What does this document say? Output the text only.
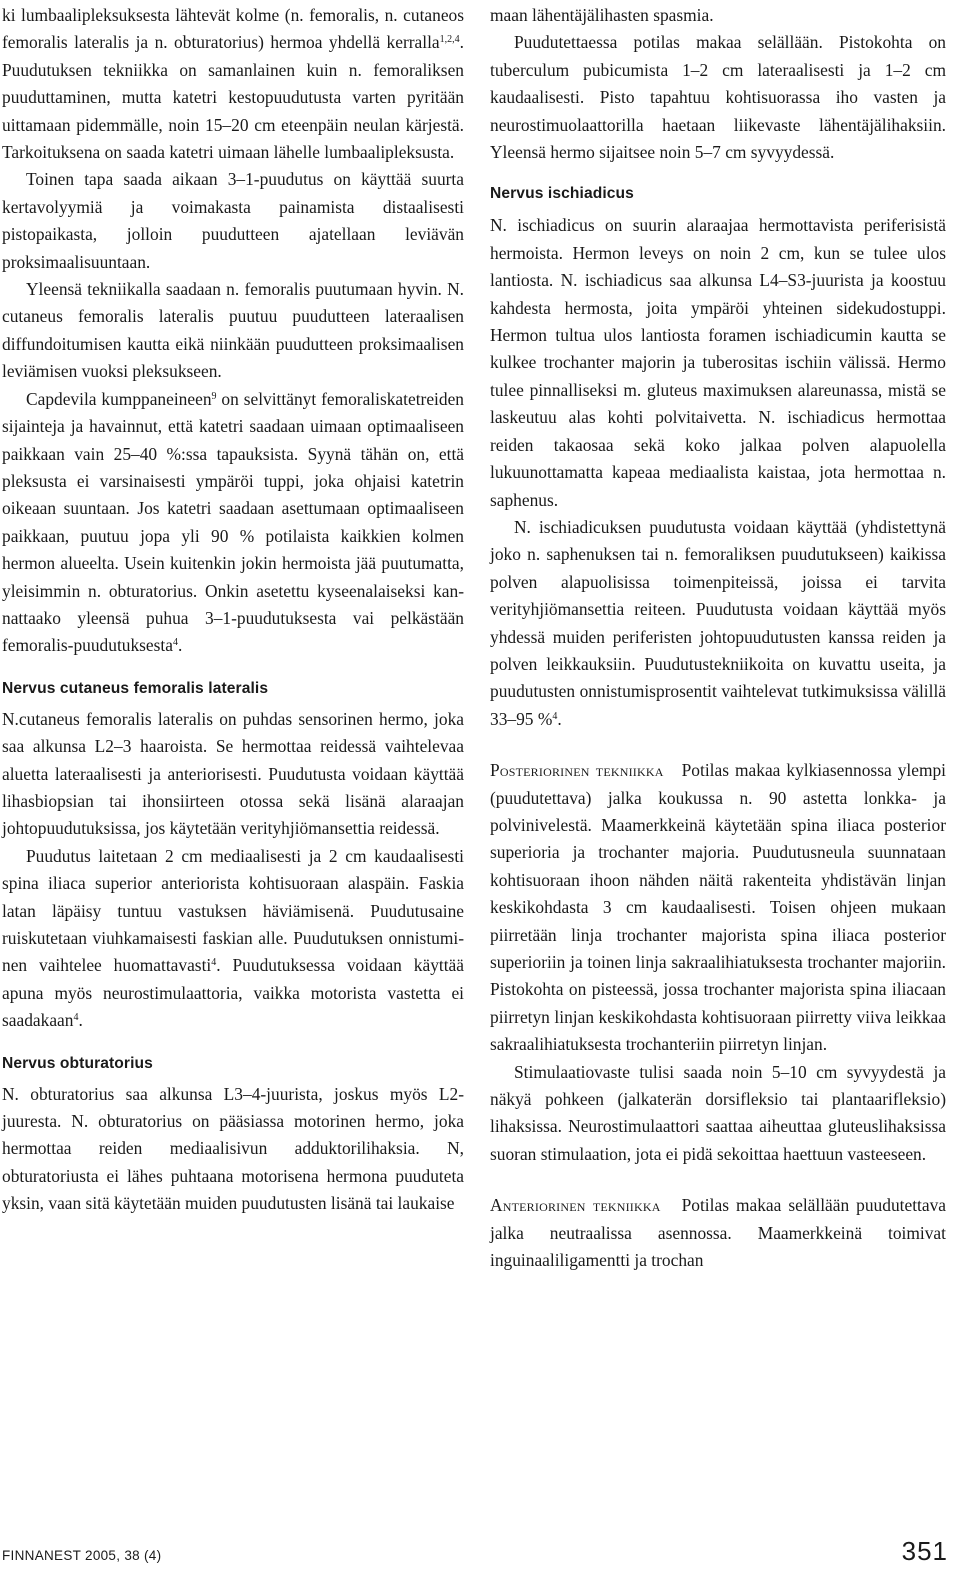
ki lumbaalipleksuksesta lähtevät kolme (n. femoralis, n. cutaneos femoralis lateralis ja n. obturatorius) hermoa yhdellä kerralla$^{1,2,4}$. Puudutuksen tekniikka on samanlainen kuin n. femoraliksen puuduttaminen, mutta katetri kestopuudutusta varten pyritään uittamaan pidemmälle, noin 15–20 cm eteenpäin neulan kärjestä. Tarkoituksena on saada katetri uimaan lähelle lumbaalipleksusta.

Toinen tapa saada aikaan 3–1-puudutus on käyttää suurta kertavolyymiä ja voimakasta painamista distaalisesti pistopaikasta, jolloin puudutteen ajatellaan leviävän proksimaalisuuntaan.

Yleensä tekniikalla saadaan n. femoralis puutumaan hyvin. N. cutaneus femoralis lateralis puutuu puudutteen lateraalisen diffundoitumisen kautta eikä niinkään puudutteen proksimaalisen leviämisen vuoksi pleksukseen.

Capdevila kumppaneineen$^9$ on selvittänyt femoraliskatetreiden sijainteja ja havainnut, että katetri saadaan uimaan optimaaliseen paikkaan vain 25–40 %:ssa tapauksista. Syynä tähän on, että pleksusta ei varsinaisesti ympäröi tuppi, joka ohjaisi katetrin oikeaan suuntaan. Jos katetri saadaan asettumaan optimaaliseen paikkaan, puutuu jopa yli 90 % potilaista kaikkien kolmen hermon alueelta. Usein kuitenkin jokin hermoista jää puutumatta, yleisimmin n. obturatorius. Onkin asetettu kyseenalaiseksi kannattaako yleensä puhua 3–1-puudutuksesta vai pelkästään femoralis-puudutuksesta$^4$.

Nervus cutaneus femoralis lateralis

N.cutaneus femoralis lateralis on puhdas sensorinen hermo, joka saa alkunsa L2–3 haaroista. Se hermottaa reidessä vaihtelevaa aluetta lateraalisesti ja anteriorisesti. Puudutusta voidaan käyttää lihasbiopsian tai ihonsiirteen otossa sekä lisänä alaraajan johtopuudutuksissa, jos käytetään verityhjiömansettia reidessä.

Puudutus laitetaan 2 cm mediaalisesti ja 2 cm kaudaalisesti spina iliaca superior anteriorista kohtisuoraan alaspäin. Faskia latan läpäisy tuntuu vastuksen häviämisenä. Puudutusaine ruiskutetaan viuhkamaisesti faskian alle. Puudutuksen onnistuminen vaihtelee huomattavasti$^4$. Puudutuksessa voidaan käyttää apuna myös neurostimulaattoria, vaikka motorista vastetta ei saadakaan$^4$.

Nervus obturatorius

N. obturatorius saa alkunsa L3–4-juurista, joskus myös L2-juuresta. N. obturatorius on pääsiassa motorinen hermo, joka hermottaa reiden mediaalisivun adduktorilihaksia. N, obturatoriusta ei lähes puhtaana motorisena hermona puuduteta yksin, vaan sitä käytetään muiden puudutusten lisänä tai laukaise

maan lähentäjälihasten spasmia.

Puudutettaessa potilas makaa selällään. Pistokohta on tuberculum pubicumista 1–2 cm lateraalisesti ja 1–2 cm kaudaalisesti. Pisto tapahtuu kohtisuorassa iho vasten ja neurostimuolaattorilla haetaan liikevaste lähentäjälihaksiin. Yleensä hermo sijaitsee noin 5–7 cm syvyydessä.

Nervus ischiadicus

N. ischiadicus on suurin alaraajaa hermottavista periferisistä hermoista. Hermon leveys on noin 2 cm, kun se tulee ulos lantiosta. N. ischiadicus saa alkunsa L4–S3-juurista ja koostuu kahdesta hermosta, joita ympäröi yhteinen sidekudostuppi. Hermon tultua ulos lantiosta foramen ischiadicumin kautta se kulkee trochanter majorin ja tuberositas ischiin välissä. Hermo tulee pinnalliseksi m. gluteus maximuksen alareunassa, mistä se laskeutuu alas kohti polvitaivetta. N. ischiadicus hermottaa reiden takaosaa sekä koko jalkaa polven alapuolella lukuunottamatta kapeaa mediaalista kaistaa, jota hermottaa n. saphenus.

N. ischiadicuksen puudutusta voidaan käyttää (yhdistettynä joko n. saphenuksen tai n. femoraliksen puudutukseen) kaikissa polven alapuolisissa toimenpiteissä, joissa ei tarvita verityhjiömansettia reiteen. Puudutusta voidaan käyttää myös yhdessä muiden periferisten johtopuudutusten kanssa reiden ja polven leikkauksiin. Puudutustekniikoita on kuvattu useita, ja puudutusten onnistumisprosentit vaihtelevat tutkimuksissa välillä 33–95 %$^4$.

Posteriorinen tekniikka Potilas makaa kylkiasennossa ylempi (puudutettava) jalka koukussa n. 90 astetta lonkka- ja polvinivelestä. Maamerkkeinä käytetään spina iliaca posterior superioria ja trochanter majoria. Puudutusneula suunnataan kohtisuoraan ihoon nähden näitä rakenteita yhdistävän linjan keskikohdasta 3 cm kaudaalisesti. Toisen ohjeen mukaan piirretään linja trochanter majorista spina iliaca posterior superioriin ja toinen linja sakraalihiatuksesta trochanter majoriin. Pistokohta on pisteessä, jossa trochanter majorista spina iliacaan piirretyn linjan keskikohdasta kohtisuoraan piirretty viiva leikkaa sakraalihiatuksesta trochanteriin piirretyn linjan.

Stimulaatiovaste tulisi saada noin 5–10 cm syvyydestä ja näkyä pohkeen (jalkaterän dorsifleksio tai plantaarifleksio) lihaksissa. Neurostimulaattori saattaa aiheuttaa gluteuslihaksissa suoran stimulaation, jota ei pidä sekoittaa haettuun vasteeseen.

Anteriorinen tekniikka Potilas makaa selällään puudutettava jalka neutraalissa asennossa. Maamerkkeinä toimivat inguinaaliligamentti ja trochan

FINNANEST 2005, 38 (4)	351
